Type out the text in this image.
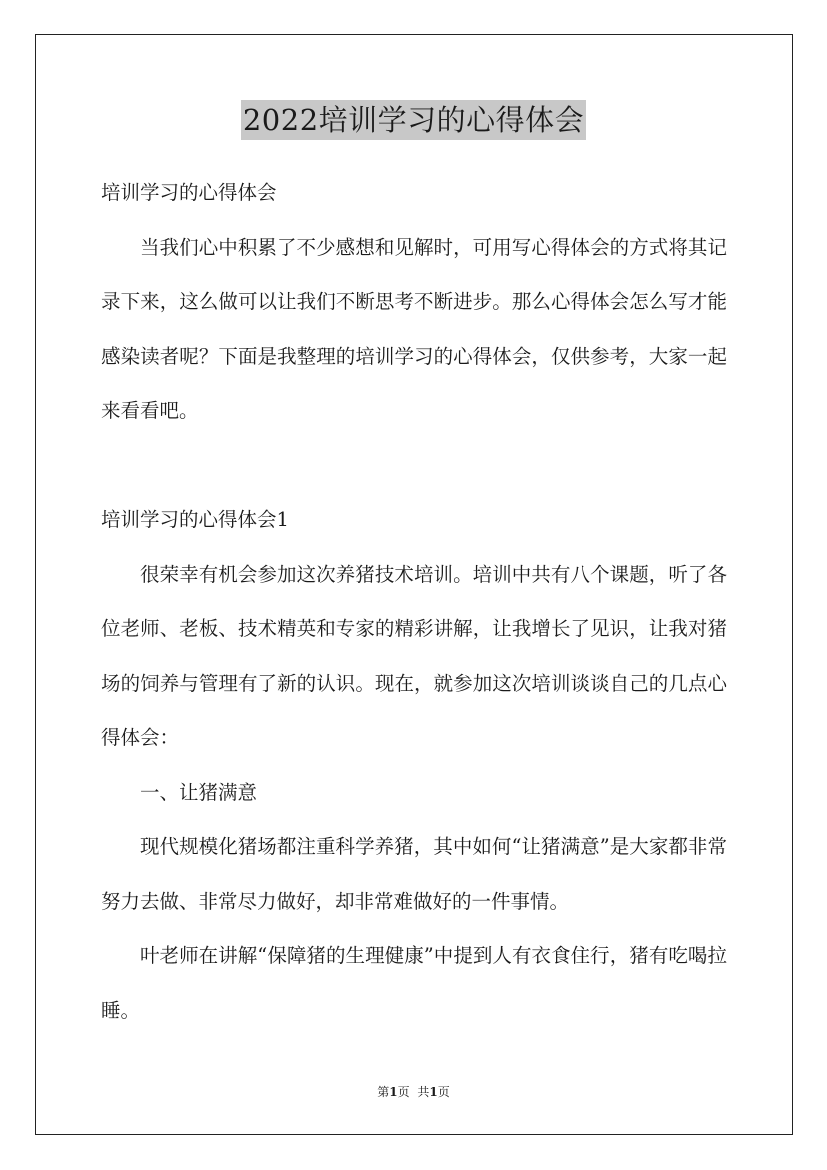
2022培训学习的心得体会

培训学习的心得体会

当我们心中积累了不少感想和见解时，可用写心得体会的方式将其记录下来，这么做可以让我们不断思考不断进步。那么心得体会怎么写才能感染读者呢？下面是我整理的培训学习的心得体会，仅供参考，大家一起来看看吧。

培训学习的心得体会1

很荣幸有机会参加这次养猪技术培训。培训中共有八个课题，听了各位老师、老板、技术精英和专家的精彩讲解，让我增长了见识，让我对猪场的饲养与管理有了新的认识。现在，就参加这次培训谈谈自己的几点心得体会：

一、让猪满意

现代规模化猪场都注重科学养猪，其中如何“让猪满意”是大家都非常努力去做、非常尽力做好，却非常难做好的一件事情。

叶老师在讲解“保障猪的生理健康”中提到人有衣食住行，猪有吃喝拉睡。

第1页 共1页
